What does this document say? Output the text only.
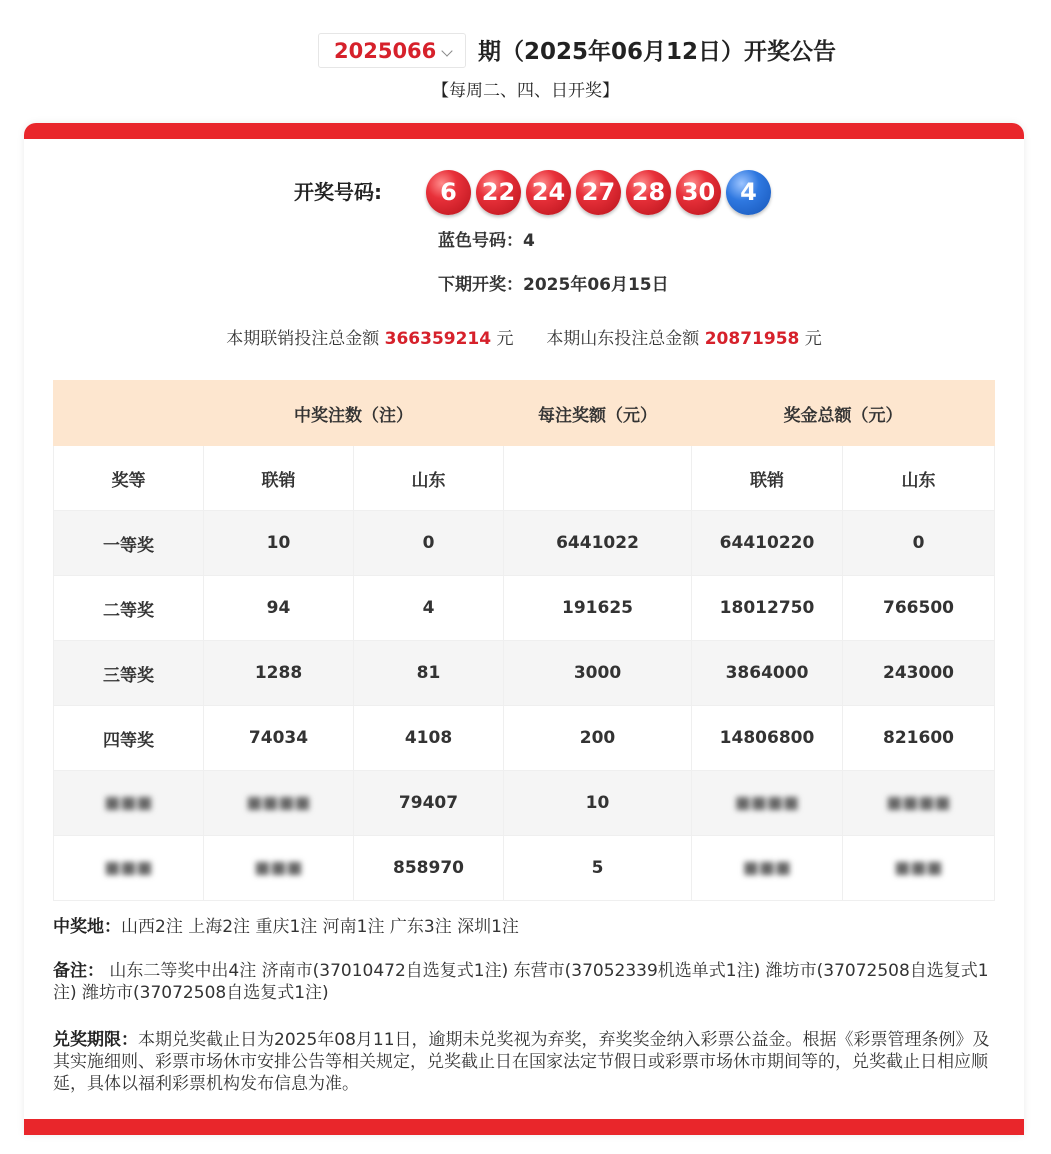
2025066 期（2025年06月12日）开奖公告
【每周二、四、日开奖】
开奖号码:	6	22 24 27 28 30	4
蓝色号码：4
下期开奖：2025年06月15日
本期联销投注总金额 366359214 元 本期山东投注总金额 20871958 元
	中奖注数（注）		每注奖额（元）	奖金总额（元）	
奖等	联销	山东		联销	山东
一等奖	10	0	6441022	64410220	0
二等奖	94	4	191625	18012750	766500
三等奖	1288	81	3000	3864000	243000
四等奖	74034	4108	200	14806800	821600
■■■	■■■■	79407	10	■■■■	■■■■
■■■	■■■	858970	5	■■■	■■■
中奖地：山西2注 上海2注 重庆1注 河南1注 广东3注 深圳1注
备注： 山东二等奖中出4注 济南市(37010472自选复式1注) 东营市(37052339机选单式1注) 潍坊市(37072508自选复式1注) 潍坊市(37072508自选复式1注)
兑奖期限：本期兑奖截止日为2025年08月11日，逾期未兑奖视为弃奖，弃奖奖金纳入彩票公益金。根据《彩票管理条例》及其实施细则、彩票市场休市安排公告等相关规定，兑奖截止日在国家法定节假日或彩票市场休市期间等的，兑奖截止日相应顺延，具体以福利彩票机构发布信息为准。
